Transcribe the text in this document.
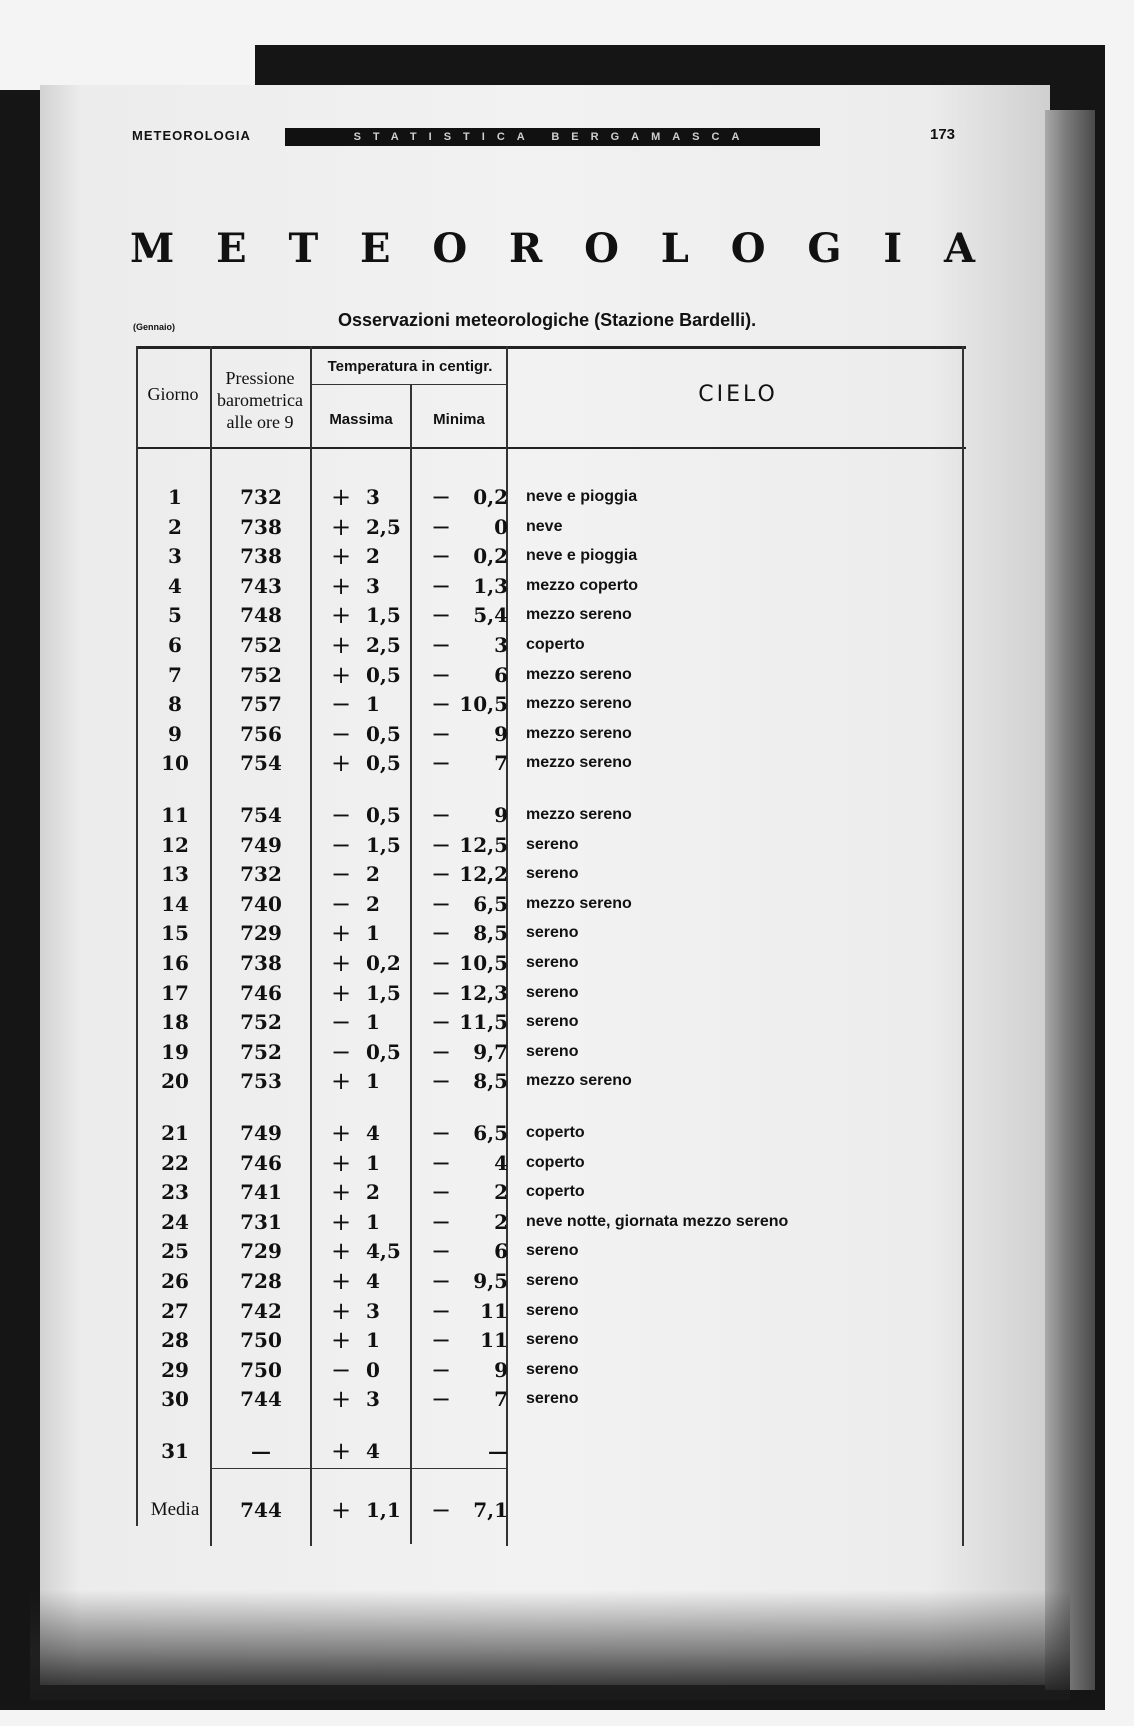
METEOROLOGIA	STATISTICA BERGAMASCA	173
M E T E O R O L O G I A
(Gennaio)	Osservazioni meteorologiche (Stazione Bardelli).
Giorno
Pressione
barometrica
alle ore 9
Temperatura in centigr.
Massima	Minima
CIELO
1	732	+ 3	−	0,2 neve e pioggia
2	738	+ 2,5	−	0 neve
3	738	+ 2	−	0,2 neve e pioggia
4	743	+ 3	−	1,3 mezzo coperto
5	748	+ 1,5	−	5,4 mezzo sereno
6	752	+ 2,5	−	3 coperto
7	752	+ 0,5	−	6 mezzo sereno
8	757	− 1	− 10,5 mezzo sereno
9	756	− 0,5	−	9 mezzo sereno
10	754	+ 0,5	−	7 mezzo sereno
11	754	− 0,5	−	9 mezzo sereno
12	749	− 1,5	− 12,5 sereno
13	732	− 2	− 12,2 sereno
14	740	− 2	−	6,5 mezzo sereno
15	729	+ 1	−	8,5 sereno
16	738	+ 0,2	− 10,5 sereno
17	746	+ 1,5	− 12,3 sereno
18	752	− 1	− 11,5 sereno
19	752	− 0,5	−	9,7 sereno
20	753	+ 1	−	8,5 mezzo sereno
21	749	+ 4	−	6,5 coperto
22	746	+ 1	−	4 coperto
23	741	+ 2	−	2 coperto
24	731	+ 1	−	2 neve notte, giornata mezzo sereno
25	729	+ 4,5	−	6 sereno
26	728	+ 4	−	9,5 sereno
27	742	+ 3	−	11 sereno
28	750	+ 1	−	11 sereno
29	750	− 0	−	9 sereno
30	744	+ 3	−	7 sereno
31	—	+ 4	—
Media	744	+ 1,1	−	7,1
